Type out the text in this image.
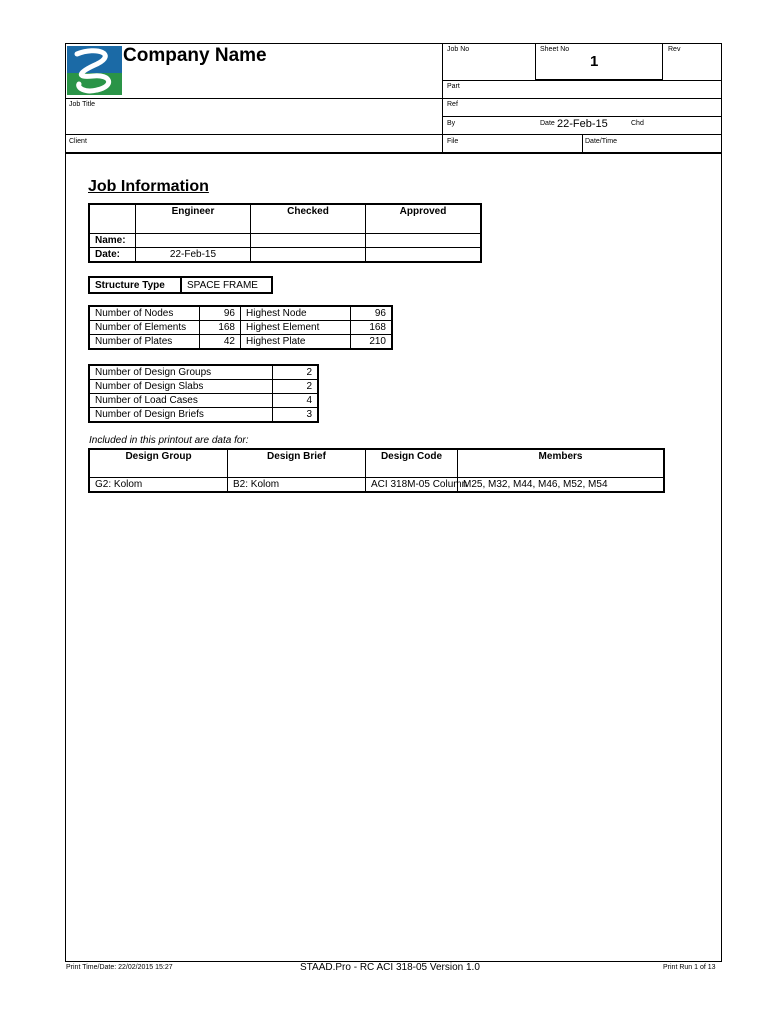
Company Name	Job No	Sheet No
1
Rev
Part
Job Title	Ref
By	Date 22-Feb-15	Chd
Client	File	Date/Time
Job Information
	Engineer	Checked	Approved
Name:			
Date:	22-Feb-15		
Structure Type	SPACE FRAME
Number of Nodes	96	Highest Node	96
Number of Elements	168	Highest Element	168
Number of Plates	42	Highest Plate	210
Number of Design Groups	2
Number of Design Slabs	2
Number of Load Cases	4
Number of Design Briefs	3
Included in this printout are data for:
Design Group	Design Brief	Design Code	Members
G2: Kolom	B2: Kolom	ACI 318M-05 Column	M25, M32, M44, M46, M52, M54
Print Time/Date: 22/02/2015 15:27	STAAD.Pro - RC ACI 318-05 Version 1.0	Print Run 1 of 13
